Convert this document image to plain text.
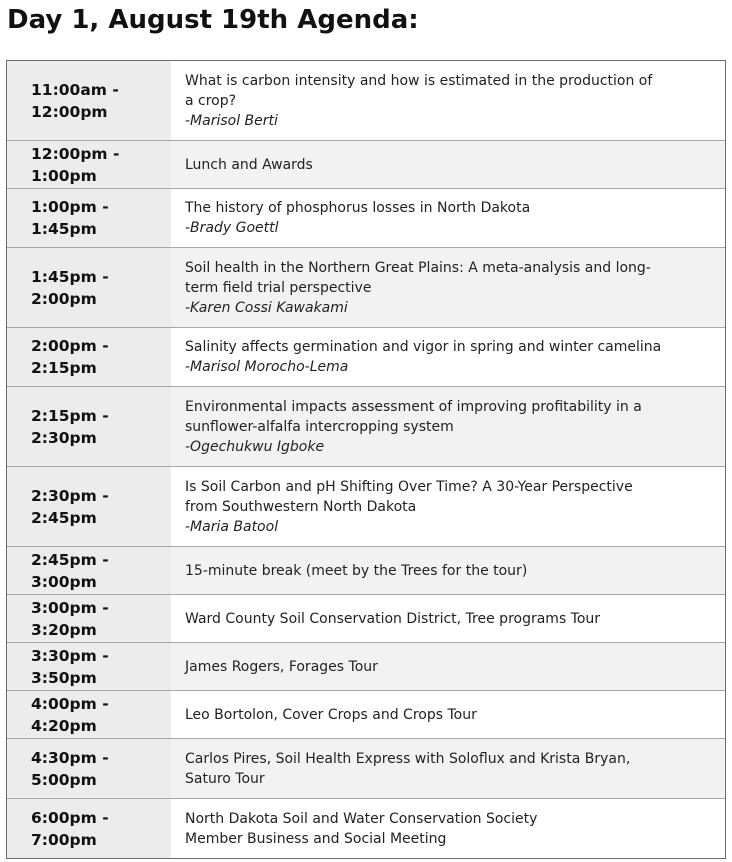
Day 1, August 19th Agenda:
11:00am -
12:00pm
What is carbon intensity and how is estimated in the production of
a crop?
-Marisol Berti
12:00pm -
1:00pm
Lunch and Awards
1:00pm -
1:45pm
The history of phosphorus losses in North Dakota
-Brady Goettl
1:45pm -
2:00pm
Soil health in the Northern Great Plains: A meta-analysis and long-
term field trial perspective
-Karen Cossi Kawakami
2:00pm -
2:15pm
Salinity affects germination and vigor in spring and winter camelina
-Marisol Morocho-Lema
2:15pm -
2:30pm
Environmental impacts assessment of improving profitability in a
sunflower-alfalfa intercropping system
-Ogechukwu Igboke
2:30pm -
2:45pm
Is Soil Carbon and pH Shifting Over Time? A 30-Year Perspective
from Southwestern North Dakota
-Maria Batool
2:45pm -
3:00pm
15-minute break (meet by the Trees for the tour)
3:00pm -
3:20pm
Ward County Soil Conservation District, Tree programs Tour
3:30pm -
3:50pm
James Rogers, Forages Tour
4:00pm -
4:20pm
Leo Bortolon, Cover Crops and Crops Tour
4:30pm -
5:00pm
Carlos Pires, Soil Health Express with Soloflux and Krista Bryan,
Saturo Tour
6:00pm -
7:00pm
North Dakota Soil and Water Conservation Society
Member Business and Social Meeting
